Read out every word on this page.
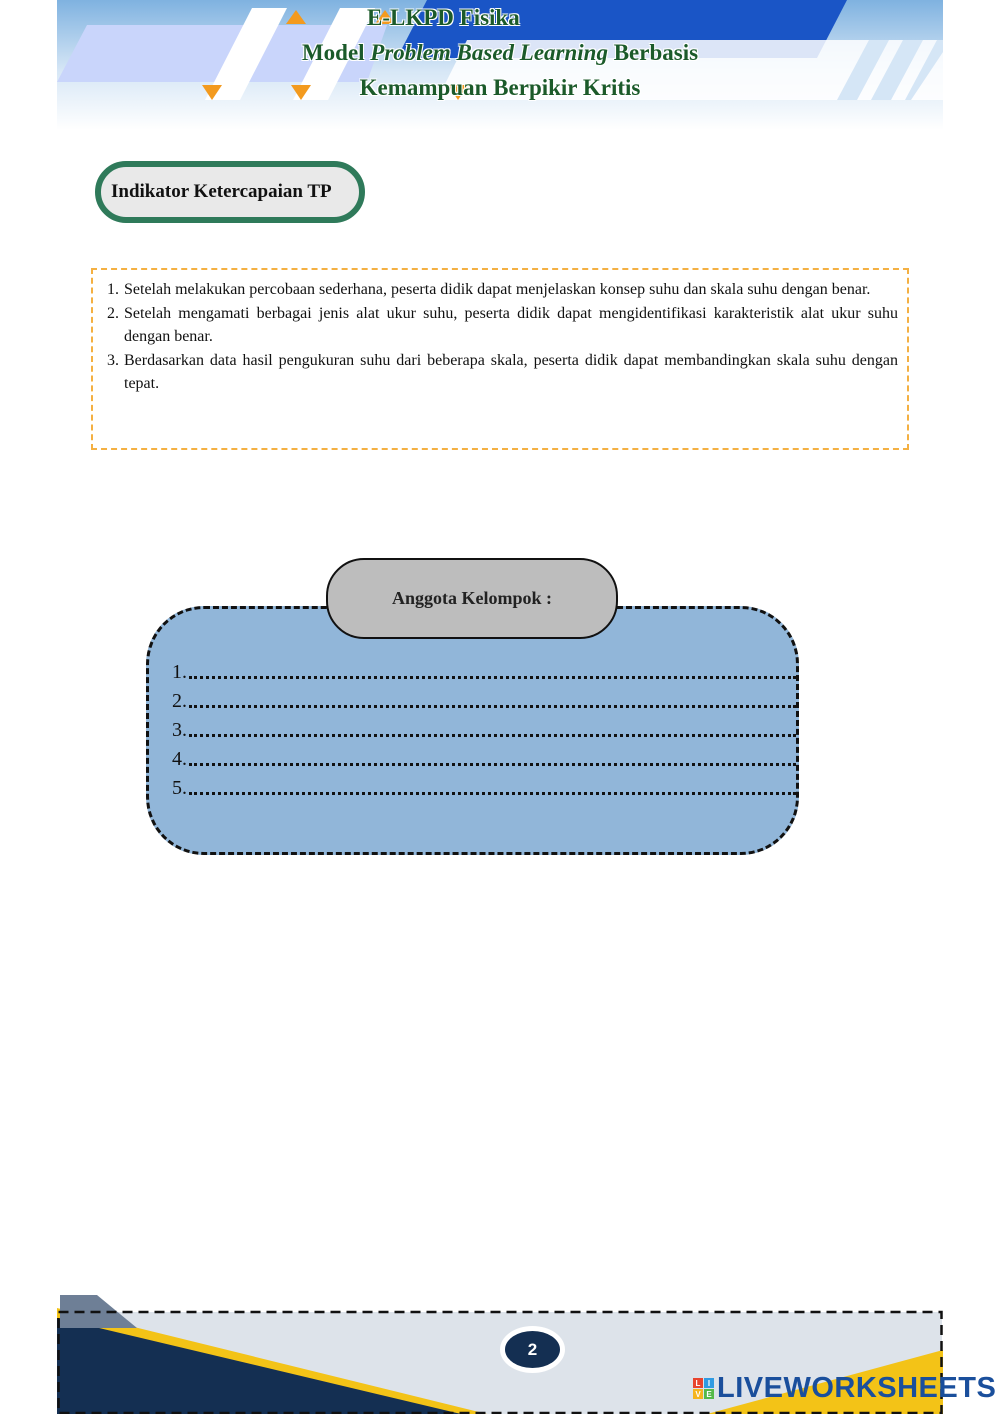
E-LKPD Fisika
Model Problem Based Learning Berbasis
Kemampuan Berpikir Kritis
Indikator Ketercapaian TP
1. Setelah melakukan percobaan sederhana, peserta didik dapat menjelaskan konsep suhu dan skala suhu dengan benar.
2. Setelah mengamati berbagai jenis alat ukur suhu, peserta didik dapat mengidentifikasi karakteristik alat ukur suhu dengan benar.
3. Berdasarkan data hasil pengukuran suhu dari beberapa skala, peserta didik dapat membandingkan skala suhu dengan tepat.
Anggota Kelompok :
1.
2.
3.
4.
5.
2
L I
V E LIVEWORKSHEETS
